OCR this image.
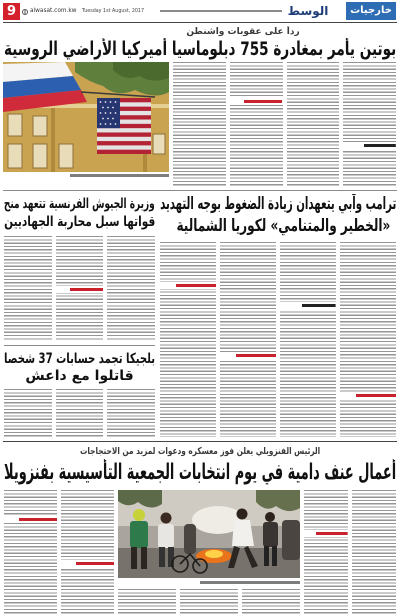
9	alwasat.com.kw Tuesday 1st August, 2017	الوسط	خارجيات
رداً على عقوبات واشنطن
بوتين يأمر بمغادرة 755 دبلوماسيا أميركيا الأراضي الروسية
ترامب وآبي يتعهدان زيادة الضغوط بوجه التهديد
«الخطير والمتنامي» لكوريا الشمالية
وزيرة الجيوش الفرنسية تتعهد منح
قواتها سبل محاربة الجهاديين
بلجيكا تجمد حسابات 37 شخصا
قاتلوا مع داعش
الرئيس الفنزويلي يعلن فوز معسكره ودعوات لمزيد من الاحتجاجات
أعمال عنف دامية في يوم انتخابات الجمعية التأسيسية بفنزويلا
